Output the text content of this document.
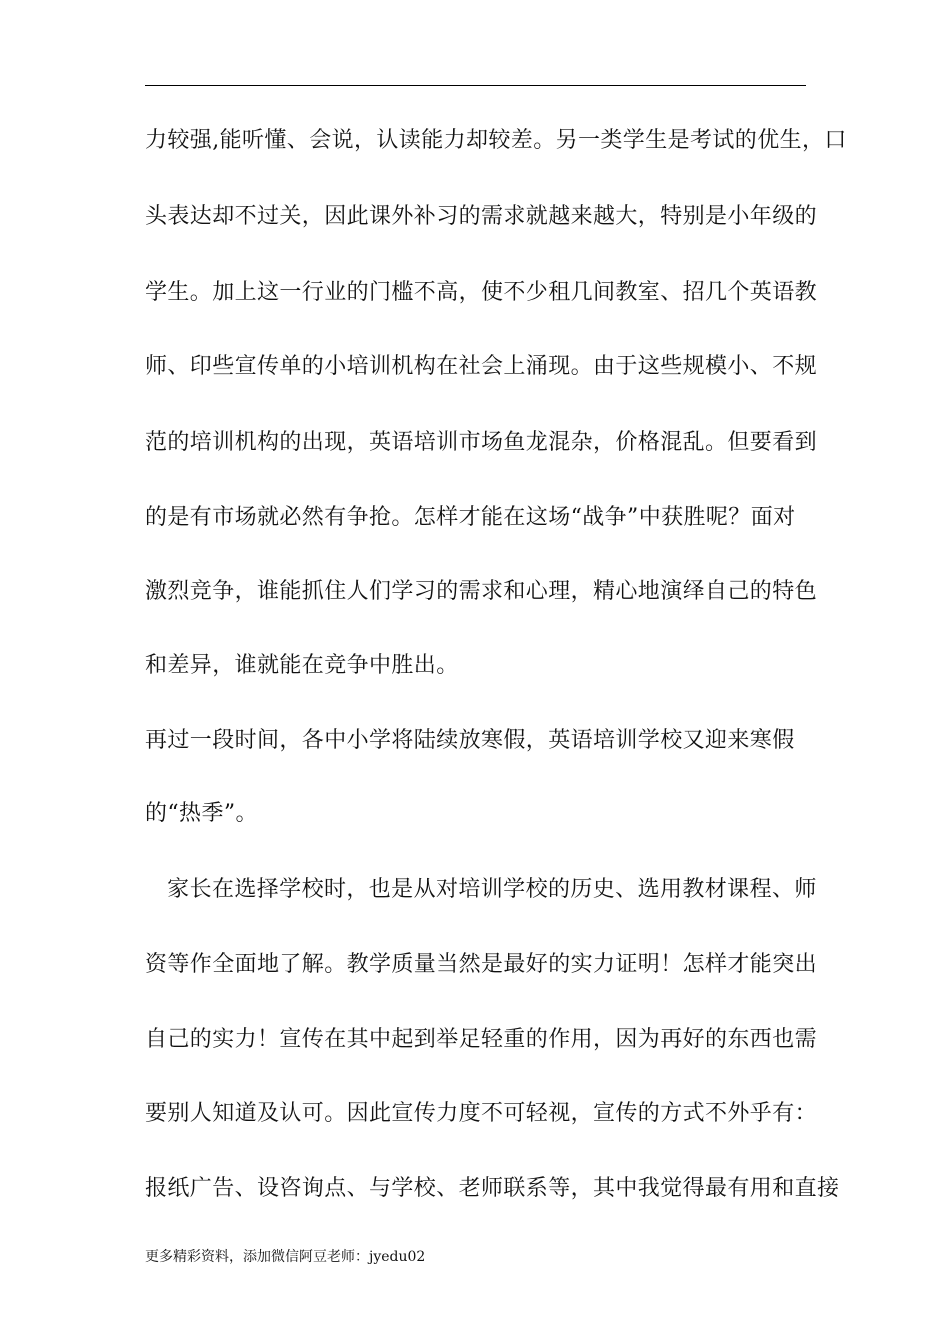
力较强,能听懂、会说，认读能力却较差。另一类学生是考试的优生，口
头表达却不过关，因此课外补习的需求就越来越大，特别是小年级的
学生。加上这一行业的门槛不高，使不少租几间教室、招几个英语教
师、印些宣传单的小培训机构在社会上涌现。由于这些规模小、不规
范的培训机构的出现，英语培训市场鱼龙混杂，价格混乱。但要看到
的是有市场就必然有争抢。怎样才能在这场“战争”中获胜呢？面对
激烈竞争，谁能抓住人们学习的需求和心理，精心地演绎自己的特色
和差异，谁就能在竞争中胜出。
再过一段时间，各中小学将陆续放寒假，英语培训学校又迎来寒假
的“热季”。
家长在选择学校时，也是从对培训学校的历史、选用教材课程、师
资等作全面地了解。教学质量当然是最好的实力证明！怎样才能突出
自己的实力！宣传在其中起到举足轻重的作用，因为再好的东西也需
要别人知道及认可。因此宣传力度不可轻视，宣传的方式不外乎有：
报纸广告、设咨询点、与学校、老师联系等，其中我觉得最有用和直接
更多精彩资料，添加微信阿豆老师：jyedu02
